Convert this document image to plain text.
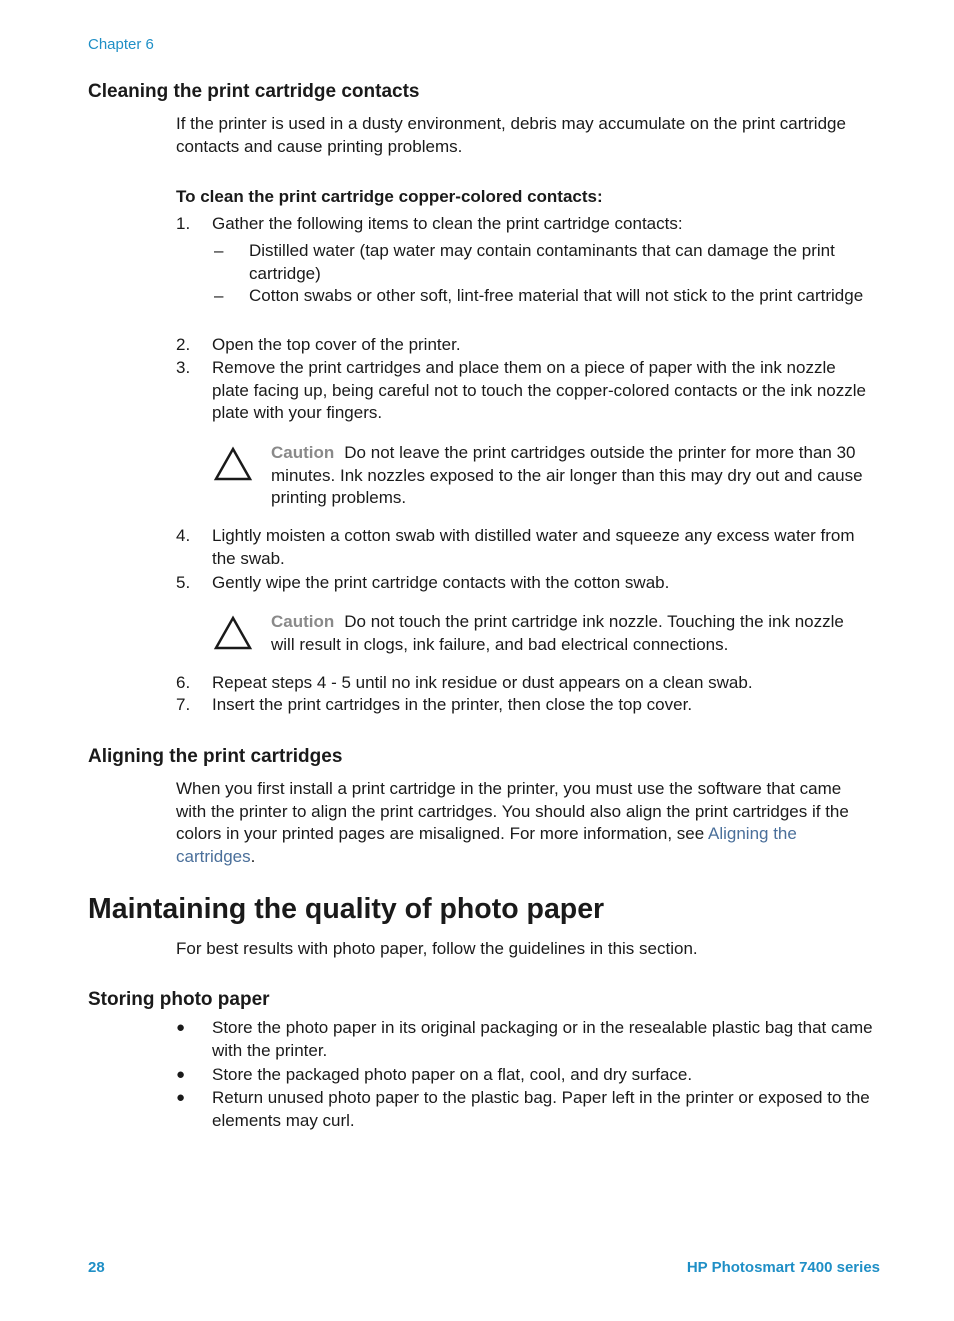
Chapter 6
Cleaning the print cartridge contacts
If the printer is used in a dusty environment, debris may accumulate on the print cartridge contacts and cause printing problems.
To clean the print cartridge copper-colored contacts:
1. Gather the following items to clean the print cartridge contacts:
– Distilled water (tap water may contain contaminants that can damage the print cartridge)
– Cotton swabs or other soft, lint-free material that will not stick to the print cartridge
2. Open the top cover of the printer.
3. Remove the print cartridges and place them on a piece of paper with the ink nozzle plate facing up, being careful not to touch the copper-colored contacts or the ink nozzle plate with your fingers.
Caution Do not leave the print cartridges outside the printer for more than 30 minutes. Ink nozzles exposed to the air longer than this may dry out and cause printing problems.
4. Lightly moisten a cotton swab with distilled water and squeeze any excess water from the swab.
5. Gently wipe the print cartridge contacts with the cotton swab.
Caution Do not touch the print cartridge ink nozzle. Touching the ink nozzle will result in clogs, ink failure, and bad electrical connections.
6. Repeat steps 4 - 5 until no ink residue or dust appears on a clean swab.
7. Insert the print cartridges in the printer, then close the top cover.
Aligning the print cartridges
When you first install a print cartridge in the printer, you must use the software that came with the printer to align the print cartridges. You should also align the print cartridges if the colors in your printed pages are misaligned. For more information, see Aligning the cartridges.
Maintaining the quality of photo paper
For best results with photo paper, follow the guidelines in this section.
Storing photo paper
● Store the photo paper in its original packaging or in the resealable plastic bag that came with the printer.
● Store the packaged photo paper on a flat, cool, and dry surface.
● Return unused photo paper to the plastic bag. Paper left in the printer or exposed to the elements may curl.
28	HP Photosmart 7400 series
